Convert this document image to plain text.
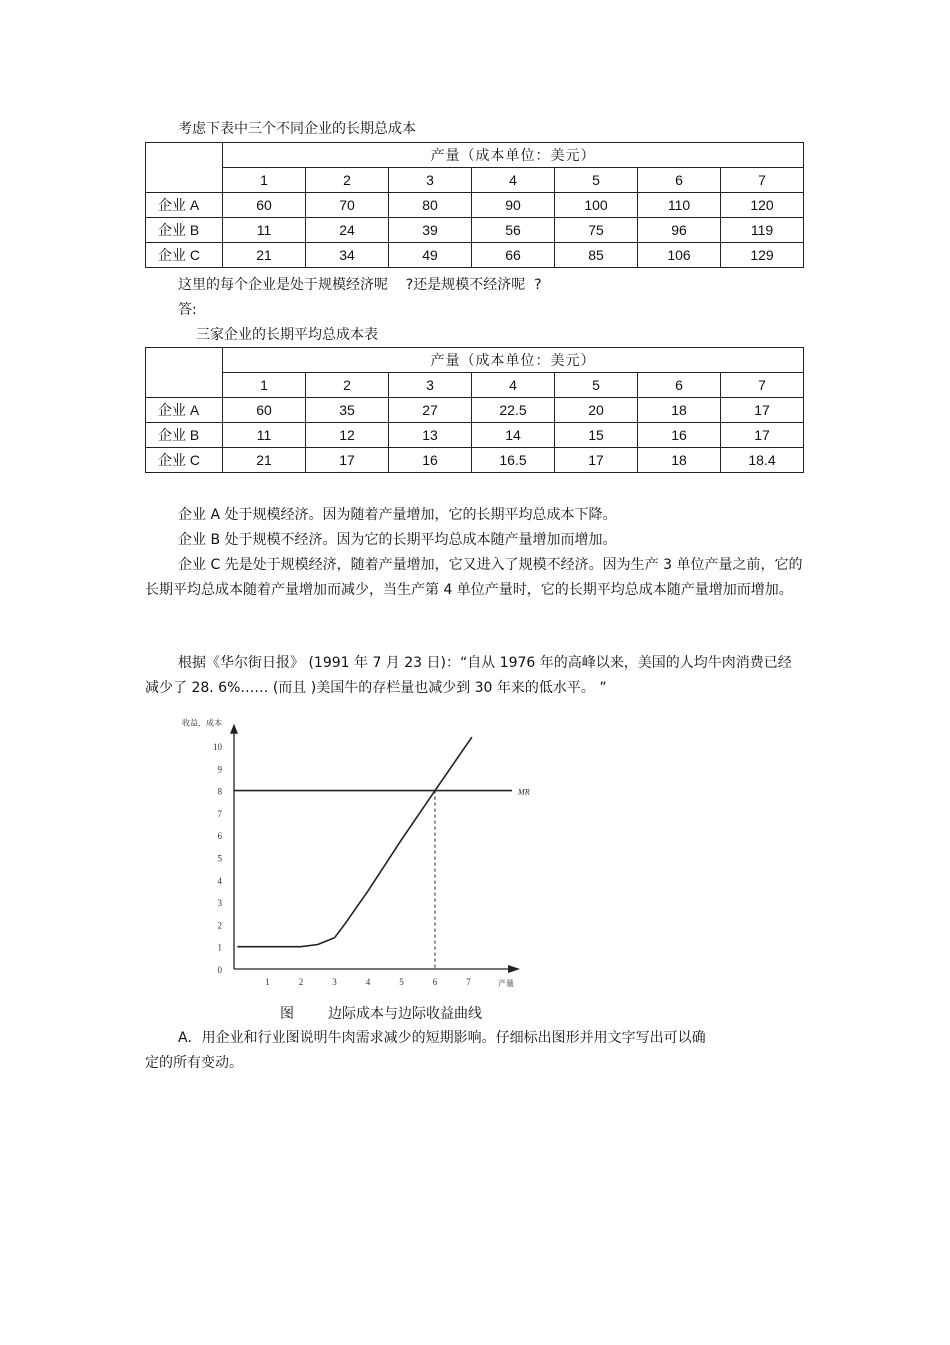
考虑下表中三个不同企业的长期总成本
	产量（成本单位：美元）						
	1	2	3	4	5	6	7
企业 A	60	70	80	90	100	110	120
企业 B	11	24	39	56	75	96	119
企业 C	21	34	49	66	85	106	129
这里的每个企业是处于规模经济呢    ?还是规模不经济呢  ?
答:
三家企业的长期平均总成本表
	产量（成本单位：美元）						
	1	2	3	4	5	6	7
企业 A	60	35	27	22.5	20	18	17
企业 B	11	12	13	14	15	16	17
企业 C	21	17	16	16.5	17	18	18.4
企业 A 处于规模经济。因为随着产量增加，它的长期平均总成本下降。
企业 B 处于规模不经济。因为它的长期平均总成本随产量增加而增加。
企业 C 先是处于规模经济，随着产量增加，它又进入了规模不经济。因为生产 3 单位产量之前，它的长期平均总成本随着产量增加而减少，当生产第 4 单位产量时，它的长期平均总成本随产量增加而增加。
根据《华尔街日报》 (1991 年 7 月 23 日)：“自从 1976 年的高峰以来，美国的人均牛肉消费已经减少了 28. 6%…… (而且 )美国牛的存栏量也减少到 30 年来的低水平。 ”
0
1
2
3
4
5
6
7
8
9
10
1	2	3	4	5	6	7
收益，成本
产量
MR
图 边际成本与边际收益曲线
A．用企业和行业图说明牛肉需求减少的短期影响。仔细标出图形并用文字写出可以确
定的所有变动。
